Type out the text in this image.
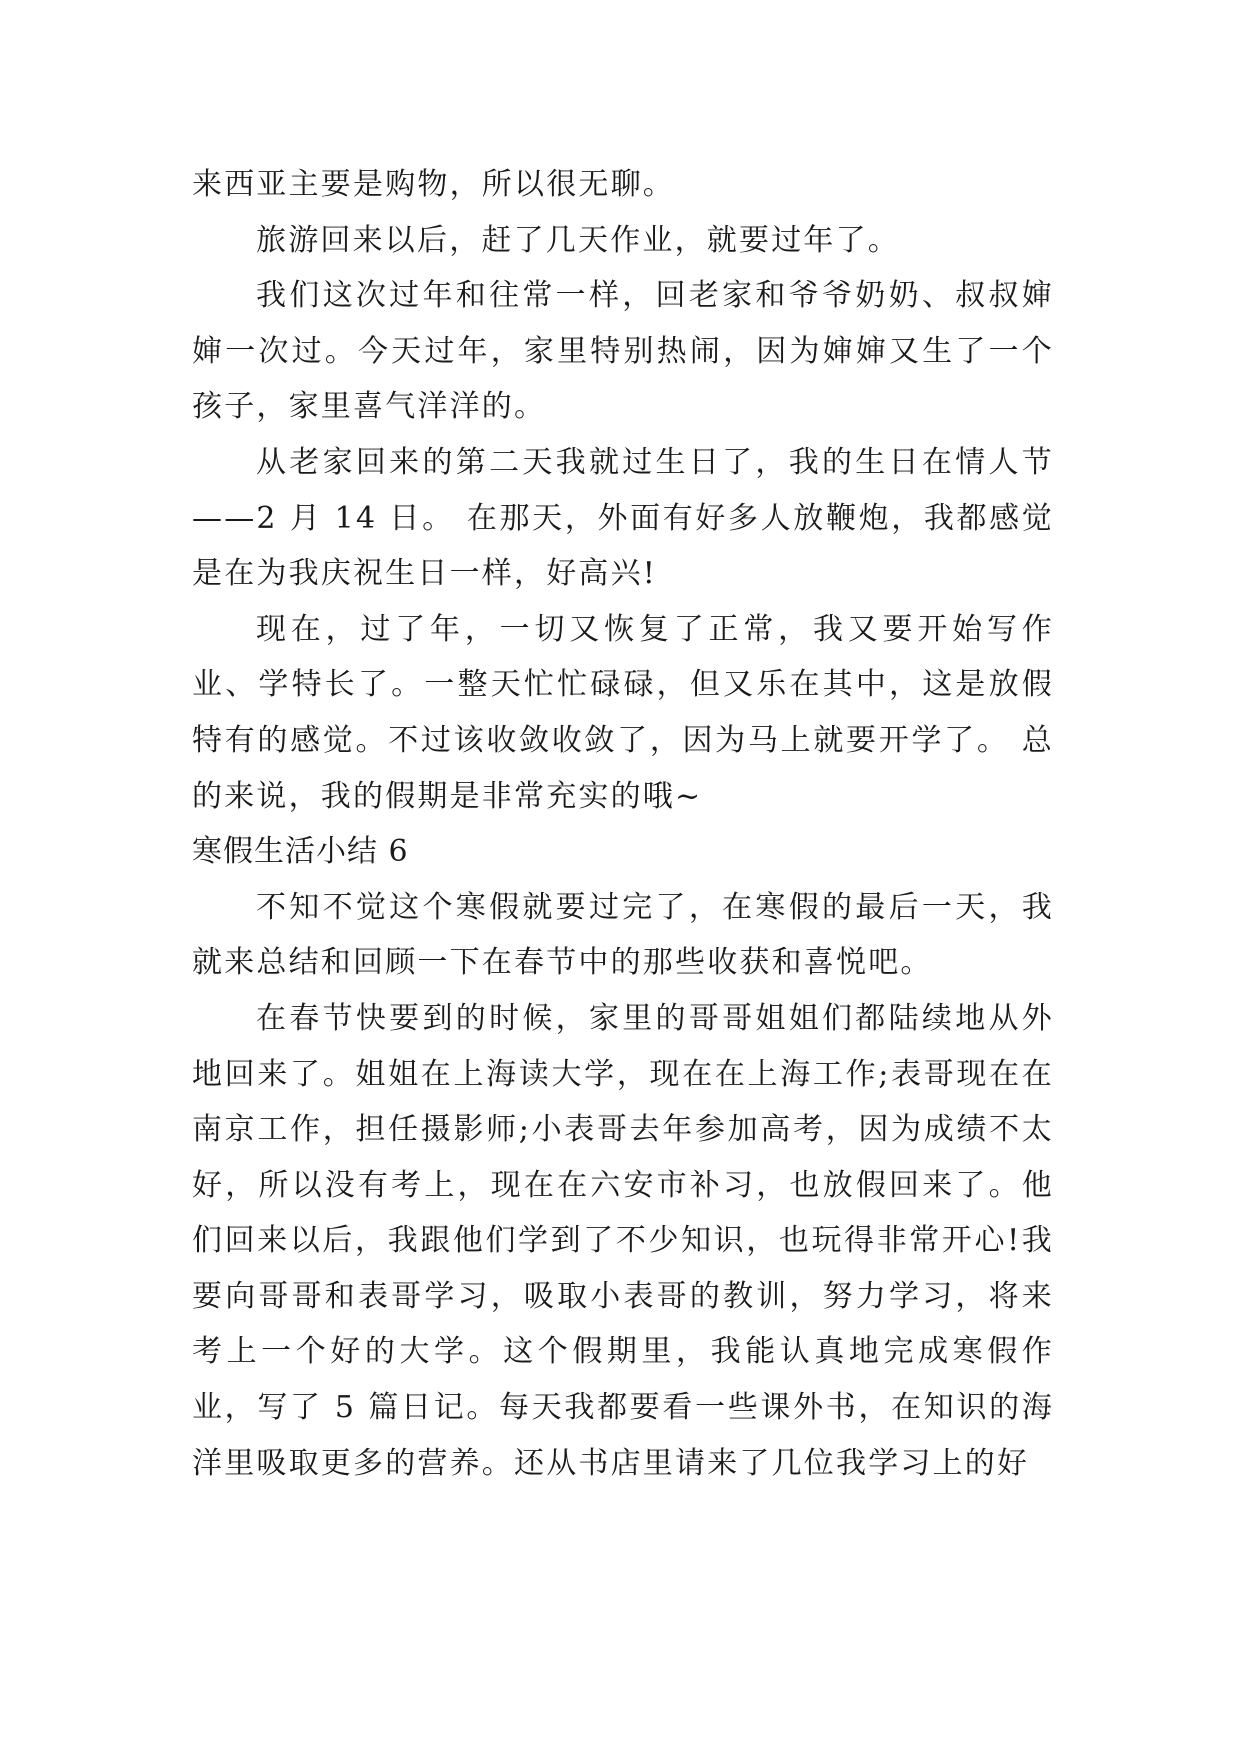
来西亚主要是购物，所以很无聊。

旅游回来以后，赶了几天作业，就要过年了。

我们这次过年和往常一样，回老家和爷爷奶奶、叔叔婶婶一次过。今天过年，家里特别热闹，因为婶婶又生了一个孩子，家里喜气洋洋的。

从老家回来的第二天我就过生日了，我的生日在情人节——2 月 14 日。 在那天，外面有好多人放鞭炮，我都感觉是在为我庆祝生日一样，好高兴!

现在，过了年，一切又恢复了正常，我又要开始写作业、学特长了。一整天忙忙碌碌，但又乐在其中，这是放假特有的感觉。不过该收敛收敛了，因为马上就要开学了。 总的来说，我的假期是非常充实的哦~

寒假生活小结 6

不知不觉这个寒假就要过完了，在寒假的最后一天，我就来总结和回顾一下在春节中的那些收获和喜悦吧。

在春节快要到的时候，家里的哥哥姐姐们都陆续地从外地回来了。姐姐在上海读大学，现在在上海工作;表哥现在在南京工作，担任摄影师;小表哥去年参加高考，因为成绩不太好，所以没有考上，现在在六安市补习，也放假回来了。他们回来以后，我跟他们学到了不少知识，也玩得非常开心!我要向哥哥和表哥学习，吸取小表哥的教训，努力学习，将来考上一个好的大学。这个假期里，我能认真地完成寒假作业，写了 5 篇日记。每天我都要看一些课外书，在知识的海洋里吸取更多的营养。还从书店里请来了几位我学习上的好
